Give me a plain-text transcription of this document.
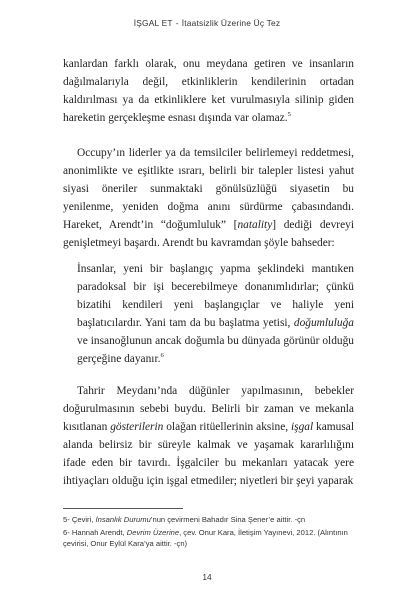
İŞGAL ET - İtaatsizlik Üzerine Üç Tez

kanlardan farklı olarak, onu meydana getiren ve insanların dağılmalarıyla değil, etkinliklerin kendilerinin ortadan kaldırılması ya da etkinliklere ket vurulmasıyla silinip giden hareketin gerçekleşme esnası dışında var olamaz.$^5$

Occupy’ın liderler ya da temsilciler belirlemeyi reddetmesi, anonimlikte ve eşitlikte ısrarı, belirli bir talepler listesi yahut siyasi öneriler sunmaktaki gönülsüzlüğü siyasetin bu yenilenme, yeniden doğma anını sürdürme çabasındandı. Hareket, Arendt’in “doğumluluk” [natality] dediği devreyi genişletmeyi başardı. Arendt bu kavramdan şöyle bahseder:

İnsanlar, yeni bir başlangıç yapma şeklindeki mantıken paradoksal bir işi becerebilmeye donanımlıdırlar; çünkü bizatihi kendileri yeni başlangıçlar ve haliyle yeni başlatıcılardır. Yani tam da bu başlatma yetisi, doğumluluğa ve insanoğlunun ancak doğumla bu dünyada görünür olduğu gerçeğine dayanır.$^6$

Tahrir Meydanı’nda düğünler yapılmasının, bebekler doğurulmasının sebebi buydu. Belirli bir zaman ve mekanla kısıtlanan gösterilerin olağan ritüellerinin aksine, işgal kamusal alanda belirsiz bir süreyle kalmak ve yaşamak kararlılığını ifade eden bir tavırdı. İşgalciler bu mekanları yatacak yere ihtiyaçları olduğu için işgal etmediler; niyetleri bir şeyi yaparak

5- Çeviri, İnsanlık Durumu’nun çevirmeni Bahadır Sina Şener’e aittir. -çn

6- Hannah Arendt, Devrim Üzerine, çev. Onur Kara, İletişim Yayınevi, 2012. (Alıntının çevirisi, Onur Eylül Kara’ya aittir. -çn)

14
